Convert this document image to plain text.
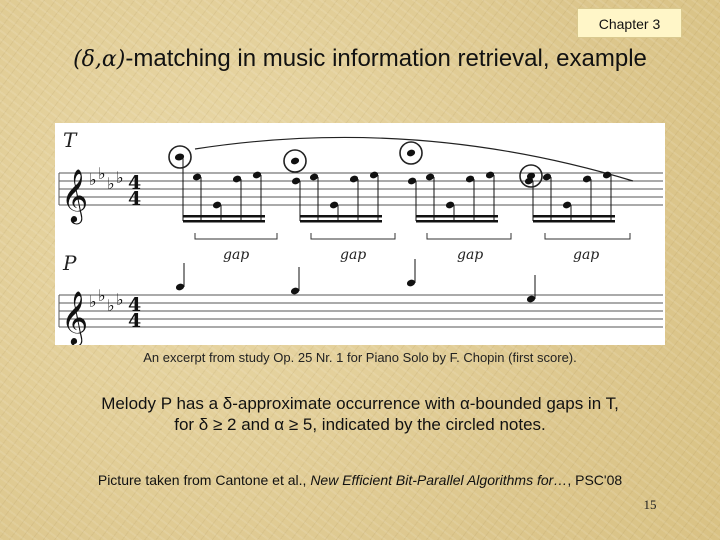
Chapter 3
(δ,α)-matching in music information retrieval, example
T
P
𝄞
𝄞
♭ ♭
♭ ♭
♭ ♭
♭ ♭
4
4
4
4
gap	gap	gap	gap
An excerpt from study Op. 25 Nr. 1 for Piano Solo by F. Chopin (first score).
Melody P has a δ-approximate occurrence with α-bounded gaps in T,
for δ ≥ 2 and α ≥ 5, indicated by the circled notes.
Picture taken from Cantone et al., New Efficient Bit-Parallel Algorithms for…, PSC'08
15
